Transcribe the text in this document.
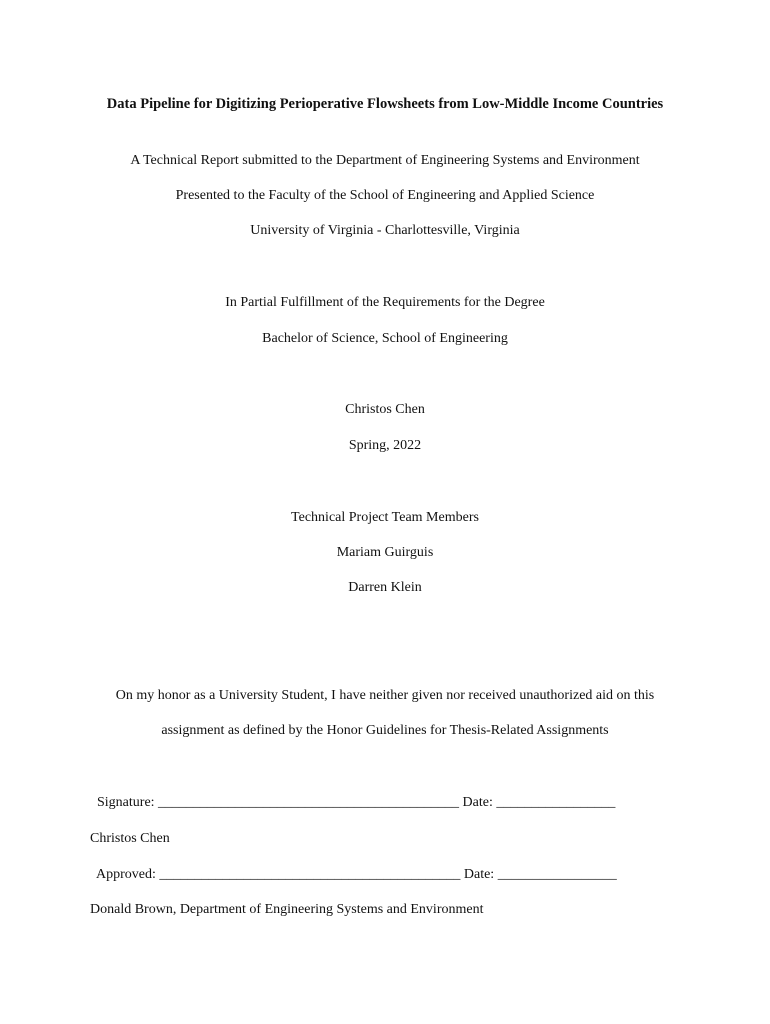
Data Pipeline for Digitizing Perioperative Flowsheets from Low-Middle Income Countries
A Technical Report submitted to the Department of Engineering Systems and Environment
Presented to the Faculty of the School of Engineering and Applied Science
University of Virginia - Charlottesville, Virginia
In Partial Fulfillment of the Requirements for the Degree
Bachelor of Science, School of Engineering
Christos Chen
Spring, 2022
Technical Project Team Members
Mariam Guirguis
Darren Klein
On my honor as a University Student, I have neither given nor received unauthorized aid on this
assignment as defined by the Honor Guidelines for Thesis-Related Assignments
Signature: ___________________________________________ Date: _________________
Christos Chen
Approved: ___________________________________________ Date: _________________
Donald Brown, Department of Engineering Systems and Environment
